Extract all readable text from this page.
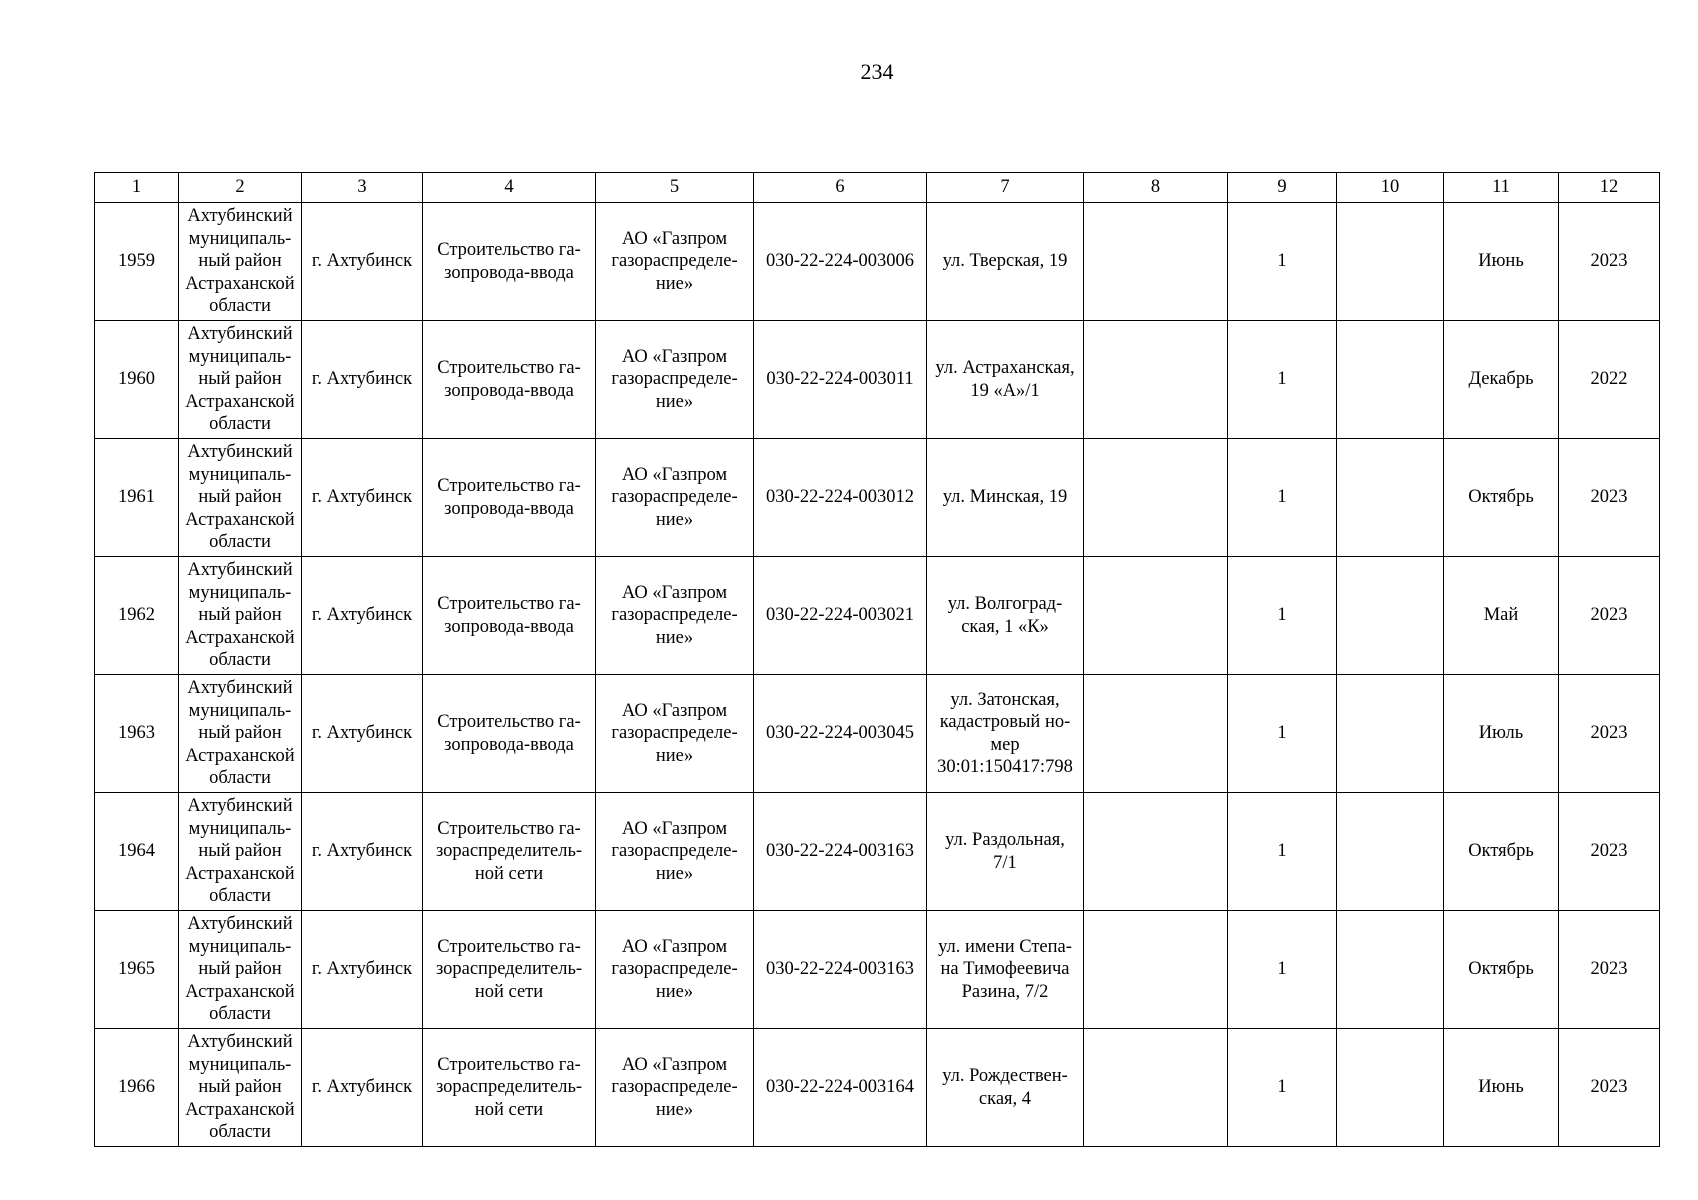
234
1	2	3	4	5	6	7	8	9	10	11	12
1959	Ахтубинский
муниципаль-
ный район
Астраханской
области	г. Ахтубинск	Строительство га-
зопровода-ввода	АО «Газпром
газораспределе-
ние»	030-22-224-003006	ул. Тверская, 19		1		Июнь	2023
1960	Ахтубинский
муниципаль-
ный район
Астраханской
области	г. Ахтубинск	Строительство га-
зопровода-ввода	АО «Газпром
газораспределе-
ние»	030-22-224-003011	ул. Астраханская,
19 «А»/1		1		Декабрь	2022
1961	Ахтубинский
муниципаль-
ный район
Астраханской
области	г. Ахтубинск	Строительство га-
зопровода-ввода	АО «Газпром
газораспределе-
ние»	030-22-224-003012	ул. Минская, 19		1		Октябрь	2023
1962	Ахтубинский
муниципаль-
ный район
Астраханской
области	г. Ахтубинск	Строительство га-
зопровода-ввода	АО «Газпром
газораспределе-
ние»	030-22-224-003021	ул. Волгоград-
ская, 1 «К»		1		Май	2023
1963	Ахтубинский
муниципаль-
ный район
Астраханской
области	г. Ахтубинск	Строительство га-
зопровода-ввода	АО «Газпром
газораспределе-
ние»	030-22-224-003045	ул. Затонская,
кадастровый но-
мер
30:01:150417:798		1		Июль	2023
1964	Ахтубинский
муниципаль-
ный район
Астраханской
области	г. Ахтубинск	Строительство га-
зораспределитель-
ной сети	АО «Газпром
газораспределе-
ние»	030-22-224-003163	ул. Раздольная,
7/1		1		Октябрь	2023
1965	Ахтубинский
муниципаль-
ный район
Астраханской
области	г. Ахтубинск	Строительство га-
зораспределитель-
ной сети	АО «Газпром
газораспределе-
ние»	030-22-224-003163	ул. имени Степа-
на Тимофеевича
Разина, 7/2		1		Октябрь	2023
1966	Ахтубинский
муниципаль-
ный район
Астраханской
области	г. Ахтубинск	Строительство га-
зораспределитель-
ной сети	АО «Газпром
газораспределе-
ние»	030-22-224-003164	ул. Рождествен-
ская, 4		1		Июнь	2023
